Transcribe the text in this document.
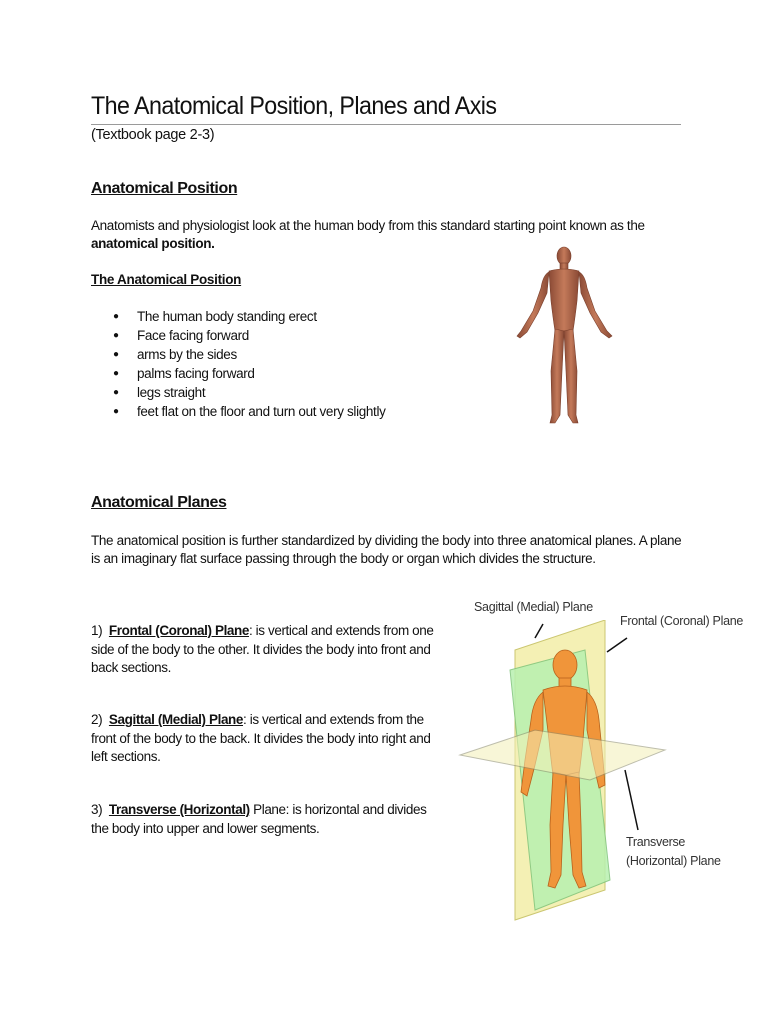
The Anatomical Position, Planes and Axis
(Textbook page 2-3)
Anatomical Position
Anatomists and physiologist look at the human body from this standard starting point known as the
anatomical position.
The Anatomical Position
● The human body standing erect
● Face facing forward
● arms by the sides
● palms facing forward
● legs straight
● feet flat on the floor and turn out very slightly
Anatomical Planes
The anatomical position is further standardized by dividing the body into three anatomical planes. A plane
is an imaginary flat surface passing through the body or organ which divides the structure.
1) Frontal (Coronal) Plane: is vertical and extends from one side of the body to the other. It divides the body into front and back sections.
2) Sagittal (Medial) Plane: is vertical and extends from the front of the body to the back. It divides the body into right and left sections.
3) Transverse (Horizontal) Plane: is horizontal and divides the body into upper and lower segments.
Sagittal (Medial) Plane
Frontal (Coronal) Plane
Transverse
(Horizontal) Plane
